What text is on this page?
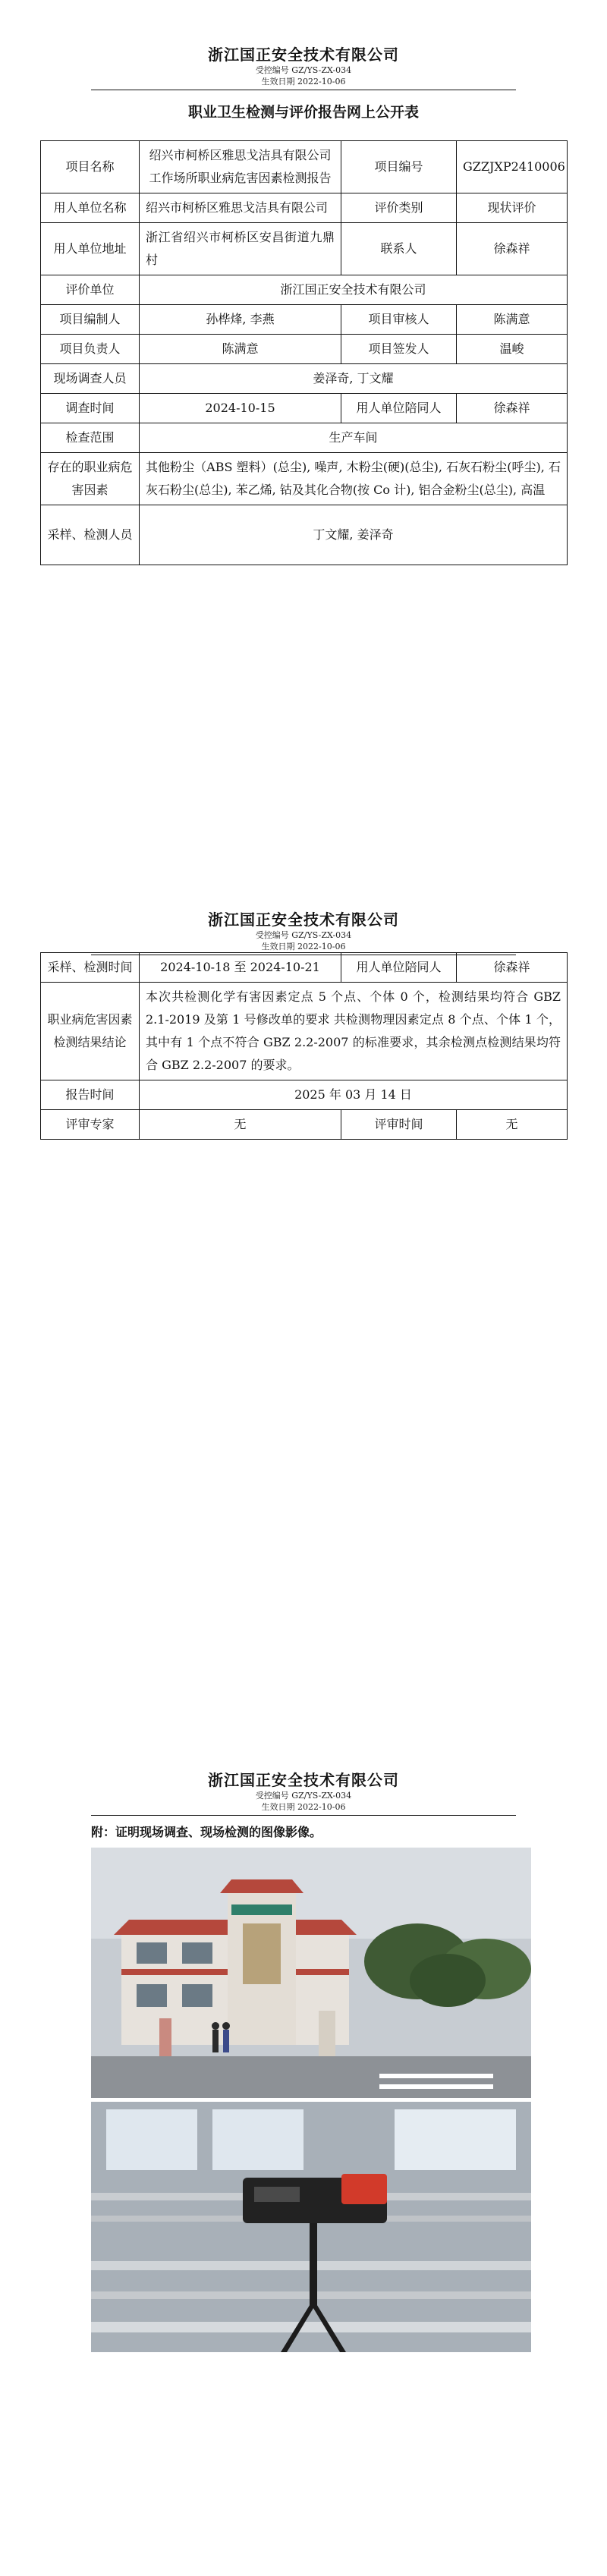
浙江国正安全技术有限公司
受控编号 GZ/YS-ZX-034
生效日期 2022-10-06
职业卫生检测与评价报告网上公开表
项目名称	绍兴市柯桥区雅思戈洁具有限公司工作场所职业病危害因素检测报告	项目编号	GZZJXP2410006
用人单位名称	绍兴市柯桥区雅思戈洁具有限公司	评价类别	现状评价
用人单位地址	浙江省绍兴市柯桥区安昌街道九鼎村	联系人	徐森祥
评价单位	浙江国正安全技术有限公司		
项目编制人	孙桦烽, 李燕	项目审核人	陈满意
项目负责人	陈满意	项目签发人	温峻
现场调查人员	姜泽奇, 丁文耀		
调查时间	2024-10-15	用人单位陪同人	徐森祥
检查范围	生产车间		
存在的职业病危害因素	其他粉尘（ABS 塑料）(总尘), 噪声, 木粉尘(硬)(总尘), 石灰石粉尘(呼尘), 石灰石粉尘(总尘), 苯乙烯, 钴及其化合物(按 Co 计), 铝合金粉尘(总尘), 高温		
采样、检测人员	丁文耀, 姜泽奇		
浙江国正安全技术有限公司
受控编号 GZ/YS-ZX-034
生效日期 2022-10-06
采样、检测时间	2024-10-18 至 2024-10-21	用人单位陪同人	徐森祥
职业病危害因素检测结果结论	本次共检测化学有害因素定点 5 个点、个体 0 个，检测结果均符合 GBZ 2.1-2019 及第 1 号修改单的要求 共检测物理因素定点 8 个点、个体 1 个，其中有 1 个点不符合 GBZ 2.2-2007 的标准要求，其余检测点检测结果均符合 GBZ 2.2-2007 的要求。		
报告时间	2025 年 03 月 14 日		
评审专家	无	评审时间	无
浙江国正安全技术有限公司
受控编号 GZ/YS-ZX-034
生效日期 2022-10-06
附：证明现场调查、现场检测的图像影像。
